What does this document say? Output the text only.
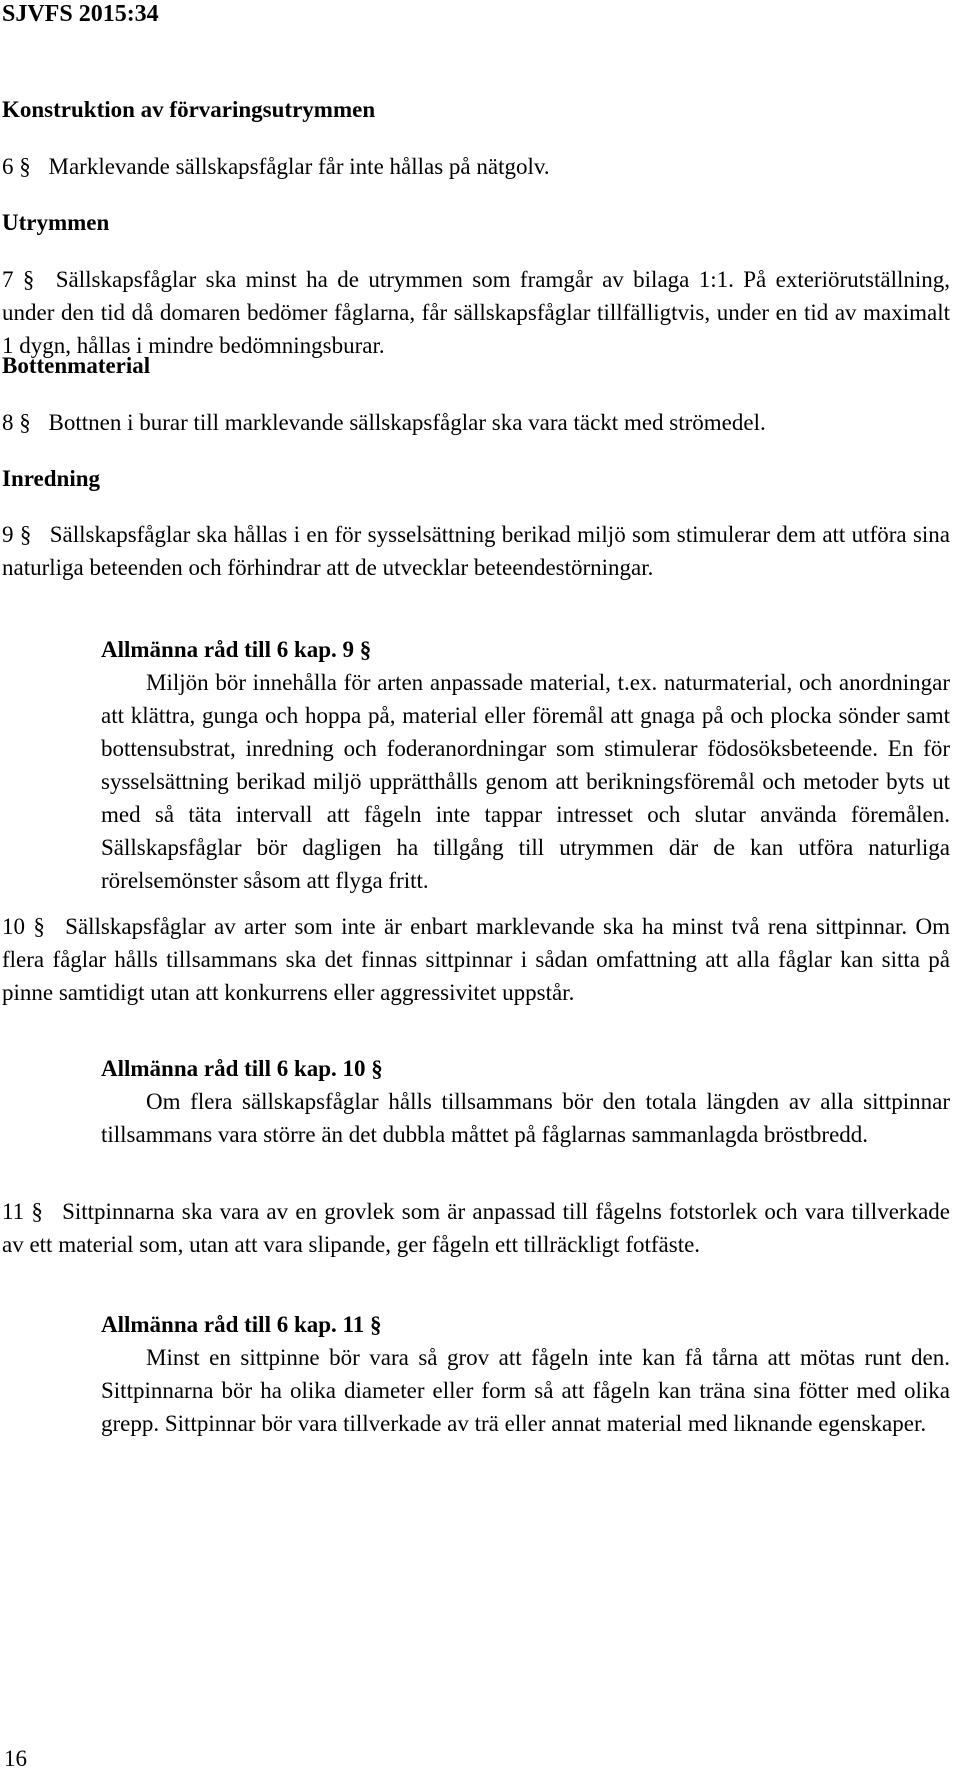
SJVFS 2015:34
Konstruktion av förvaringsutrymmen

6 § Marklevande sällskapsfåglar får inte hållas på nätgolv.

Utrymmen

7 § Sällskapsfåglar ska minst ha de utrymmen som framgår av bilaga 1:1. På exteriörutställning, under den tid då domaren bedömer fåglarna, får sällskapsfåglar tillfälligtvis, under en tid av maximalt 1 dygn, hållas i mindre bedömningsburar.

Bottenmaterial

8 § Bottnen i burar till marklevande sällskapsfåglar ska vara täckt med strömedel.

Inredning

9 § Sällskapsfåglar ska hållas i en för sysselsättning berikad miljö som stimulerar dem att utföra sina naturliga beteenden och förhindrar att de utvecklar beteendestörningar.

Allmänna råd till 6 kap. 9 §
Miljön bör innehålla för arten anpassade material, t.ex. naturmaterial, och anordningar att klättra, gunga och hoppa på, material eller föremål att gnaga på och plocka sönder samt bottensubstrat, inredning och foderanordningar som stimulerar födosöksbeteende. En för sysselsättning berikad miljö upprätthålls genom att berikningsföremål och metoder byts ut med så täta intervall att fågeln inte tappar intresset och slutar använda föremålen. Sällskapsfåglar bör dagligen ha tillgång till utrymmen där de kan utföra naturliga rörelsemönster såsom att flyga fritt.

10 § Sällskapsfåglar av arter som inte är enbart marklevande ska ha minst två rena sittpinnar. Om flera fåglar hålls tillsammans ska det finnas sittpinnar i sådan omfattning att alla fåglar kan sitta på pinne samtidigt utan att konkurrens eller aggressivitet uppstår.

Allmänna råd till 6 kap. 10 §
Om flera sällskapsfåglar hålls tillsammans bör den totala längden av alla sittpinnar tillsammans vara större än det dubbla måttet på fåglarnas sammanlagda bröstbredd.

11 § Sittpinnarna ska vara av en grovlek som är anpassad till fågelns fotstorlek och vara tillverkade av ett material som, utan att vara slipande, ger fågeln ett tillräckligt fotfäste.

Allmänna råd till 6 kap. 11 §
Minst en sittpinne bör vara så grov att fågeln inte kan få tårna att mötas runt den. Sittpinnarna bör ha olika diameter eller form så att fågeln kan träna sina fötter med olika grepp. Sittpinnar bör vara tillverkade av trä eller annat material med liknande egenskaper.
16
